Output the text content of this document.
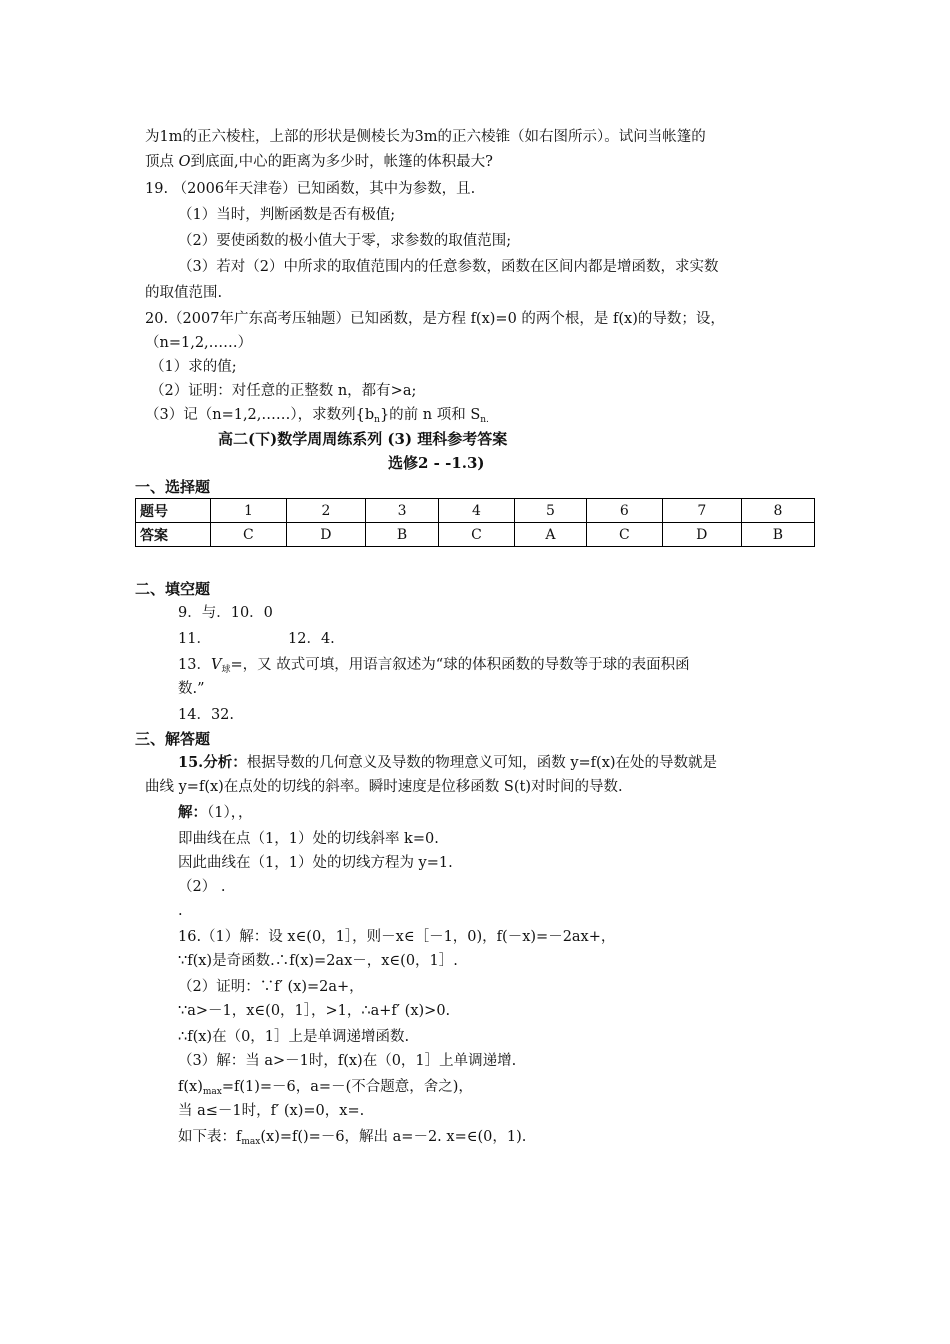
为1m的正六棱柱，上部的形状是侧棱长为3m的正六棱锥（如右图所示）。试问当帐篷的
顶点 O到底面,中心的距离为多少时，帐篷的体积最大?
19. （2006年天津卷）已知函数，其中为参数，且.
（1）当时，判断函数是否有极值;
（2）要使函数的极小值大于零，求参数的取值范围;
（3）若对（2）中所求的取值范围内的任意参数，函数在区间内都是增函数，求实数
的取值范围.
20.（2007年广东高考压轴题）已知函数，是方程 f(x)=0 的两个根，是 f(x)的导数；设，
（n=1,2,……）
（1）求的值;
（2）证明：对任意的正整数 n，都有>a;
（3）记（n=1,2,……），求数列$\{b_n\}$的前 n 项和 $S_{n.}$
高二(下)数学周周练系列 (3) 理科参考答案
选修2 - -1.3)
一、选择题
题号	1	2	3	4	5	6	7	8
答案	C	D	B	C	A	C	D	B
二、填空题
9．与．10．0
11．	12．4.
13．$V_球=$，又 故式可填，用语言叙述为“球的体积函数的导数等于球的表面积函
数.”
14．32.
三、解答题
15.分析：根据导数的几何意义及导数的物理意义可知，函数 y=f(x)在处的导数就是
曲线 y=f(x)在点处的切线的斜率。瞬时速度是位移函数 S(t)对时间的导数.
解：（1），，
即曲线在点（1，1）处的切线斜率 k=0.
因此曲线在（1，1）处的切线方程为 y=1.
（2） .
.
16.（1）解：设 x∈(0，1］，则－x∈［－1，0)，f(－x)=－2ax+，
∵f(x)是奇函数.∴f(x)=2ax－，x∈(0，1］.
（2）证明：∵f′ (x)=2a+，
∵a>－1，x∈(0，1］，>1，∴a+f′ (x)>0.
∴f(x)在（0，1］上是单调递增函数.
（3）解：当 a>－1时，f(x)在（0，1］上单调递增.
$f(x)_{max}=f(1)=-6$，a=－(不合题意，舍之)，
当 a≤－1时，f′ (x)=0，x=.
如下表：$f_{max}(x)=f()=-6$，解出 a=－2. x=∈(0，1).
